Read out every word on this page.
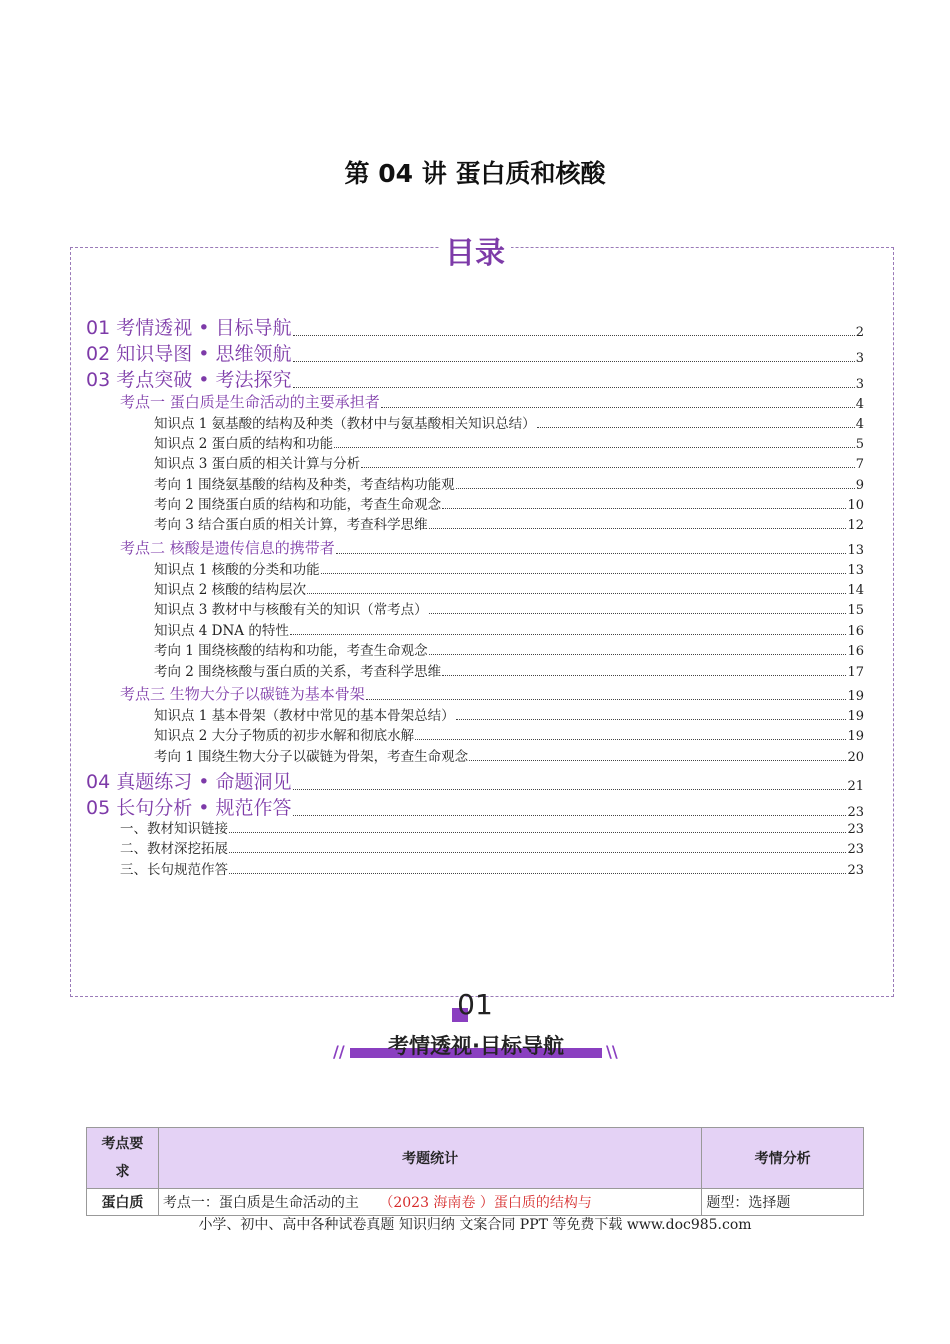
第 04 讲 蛋白质和核酸
目录
01 考情透视 • 目标导航	2
02 知识导图 • 思维领航	3
03 考点突破 • 考法探究	3
考点一 蛋白质是生命活动的主要承担者	4
知识点 1 氨基酸的结构及种类（教材中与氨基酸相关知识总结）	4
知识点 2 蛋白质的结构和功能	5
知识点 3 蛋白质的相关计算与分析	7
考向 1 围绕氨基酸的结构及种类，考查结构功能观	9
考向 2 围绕蛋白质的结构和功能，考查生命观念	10
考向 3 结合蛋白质的相关计算，考查科学思维	12
考点二 核酸是遗传信息的携带者	13
知识点 1 核酸的分类和功能	13
知识点 2 核酸的结构层次	14
知识点 3 教材中与核酸有关的知识（常考点）	15
知识点 4 DNA 的特性	16
考向 1 围绕核酸的结构和功能，考查生命观念	16
考向 2 围绕核酸与蛋白质的关系，考查科学思维	17
考点三 生物大分子以碳链为基本骨架	19
知识点 1 基本骨架（教材中常见的基本骨架总结）	19
知识点 2 大分子物质的初步水解和彻底水解	19
考向 1 围绕生物大分子以碳链为骨架，考查生命观念	20
04 真题练习 • 命题洞见	21
05 长句分析 • 规范作答	23
一、教材知识链接	23
二、教材深挖拓展	23
三、长句规范作答	23
01
//	考情透视·目标导航	\\
考点要求	考题统计	考情分析
蛋白质	考点一：蛋白质是生命活动的主 （2023 海南卷 ）蛋白质的结构与	题型：选择题
小学、初中、高中各种试卷真题 知识归纳 文案合同 PPT 等免费下载 www.doc985.com
